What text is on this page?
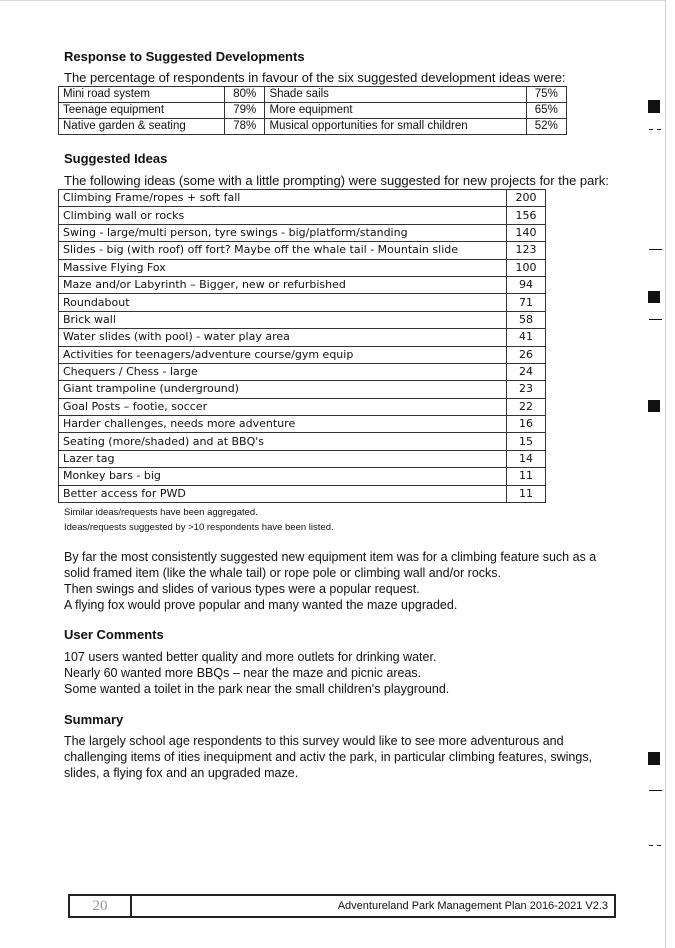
Response to Suggested Developments

The percentage of respondents in favour of the six suggested development ideas were:

Mini road system	80%	Shade sails	75%
Teenage equipment	79%	More equipment	65%
Native garden & seating	78%	Musical opportunities for small children	52%
Suggested Ideas

The following ideas (some with a little prompting) were suggested for new projects for the park:

Climbing Frame/ropes + soft fall	200
Climbing wall or rocks	156
Swing - large/multi person, tyre swings - big/platform/standing	140
Slides - big (with roof) off fort? Maybe off the whale tail - Mountain slide	123
Massive Flying Fox	100
Maze and/or Labyrinth – Bigger, new or refurbished	94
Roundabout	71
Brick wall	58
Water slides (with pool) - water play area	41
Activities for teenagers/adventure course/gym equip	26
Chequers / Chess - large	24
Giant trampoline (underground)	23
Goal Posts – footie, soccer	22
Harder challenges, needs more adventure	16
Seating (more/shaded) and at BBQ's	15
Lazer tag	14
Monkey bars - big	11
Better access for PWD	11
Similar ideas/requests have been aggregated.
Ideas/requests suggested by >10 respondents have been listed.
By far the most consistently suggested new equipment item was for a climbing feature such as a
solid framed item (like the whale tail) or rope pole or climbing wall and/or rocks.
Then swings and slides of various types were a popular request.
A flying fox would prove popular and many wanted the maze upgraded.
User Comments
107 users wanted better quality and more outlets for drinking water.
Nearly 60 wanted more BBQs – near the maze and picnic areas.
Some wanted a toilet in the park near the small children's playground.
Summary
The largely school age respondents to this survey would like to see more adventurous and
challenging items of ities inequipment and activ the park, in particular climbing features, swings,
slides, a flying fox and an upgraded maze.
20	Adventureland Park Management Plan 2016-2021 V2.3
